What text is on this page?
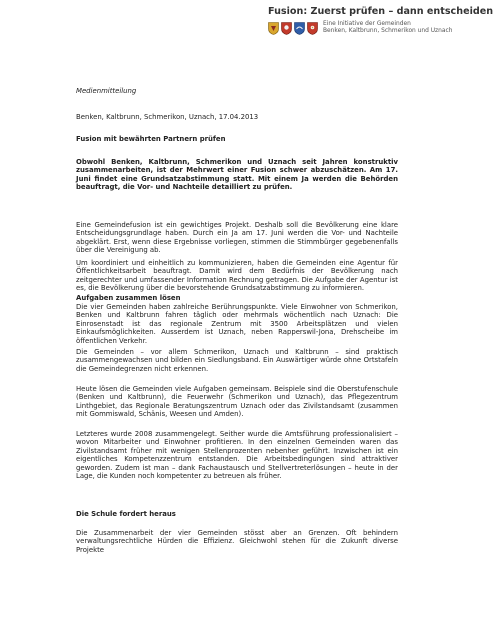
Fusion: Zuerst prüfen – dann entscheiden
Eine Initiative der Gemeinden
Benken, Kaltbrunn, Schmerikon und Uznach

Medienmitteilung

Benken, Kaltbrunn, Schmerikon, Uznach, 17.04.2013

Fusion mit bewährten Partnern prüfen

Obwohl Benken, Kaltbrunn, Schmerikon und Uznach seit Jahren konstruktiv zusammenarbeiten, ist der Mehrwert einer Fusion schwer abzuschätzen. Am 17. Juni findet eine Grundsatzabstimmung statt. Mit einem Ja werden die Behörden beauftragt, die Vor- und Nachteile detailliert zu prüfen.

Eine Gemeindefusion ist ein gewichtiges Projekt. Deshalb soll die Bevölkerung eine klare Entscheidungsgrundlage haben. Durch ein Ja am 17. Juni werden die Vor- und Nachteile abgeklärt. Erst, wenn diese Ergebnisse vorliegen, stimmen die Stimmbürger gegebenenfalls über die Vereinigung ab.

Um koordiniert und einheitlich zu kommunizieren, haben die Gemeinden eine Agentur für Öffentlichkeitsarbeit beauftragt. Damit wird dem Bedürfnis der Bevölkerung nach zeitgerechter und umfassender Information Rechnung getragen. Die Aufgabe der Agentur ist es, die Bevölkerung über die bevorstehende Grundsatzabstimmung zu informieren.

Aufgaben zusammen lösen

Die vier Gemeinden haben zahlreiche Berührungspunkte. Viele Einwohner von Schmerikon, Benken und Kaltbrunn fahren täglich oder mehrmals wöchentlich nach Uznach: Die Einrosenstadt ist das regionale Zentrum mit 3500 Arbeitsplätzen und vielen Einkaufsmöglichkeiten. Ausserdem ist Uznach, neben Rapperswil-Jona, Drehscheibe im öffentlichen Verkehr.

Die Gemeinden – vor allem Schmerikon, Uznach und Kaltbrunn – sind praktisch zusammengewachsen und bilden ein Siedlungsband. Ein Auswärtiger würde ohne Ortstafeln die Gemeindegrenzen nicht erkennen.

Heute lösen die Gemeinden viele Aufgaben gemeinsam. Beispiele sind die Oberstufenschule (Benken und Kaltbrunn), die Feuerwehr (Schmerikon und Uznach), das Pflegezentrum Linthgebiet, das Regionale Beratungszentrum Uznach oder das Zivilstandsamt (zusammen mit Gommiswald, Schänis, Weesen und Amden).

Letzteres wurde 2008 zusammengelegt. Seither wurde die Amtsführung professionalisiert – wovon Mitarbeiter und Einwohner profitieren. In den einzelnen Gemeinden waren das Zivilstandsamt früher mit wenigen Stellenprozenten nebenher geführt. Inzwischen ist ein eigentliches Kompetenzzentrum entstanden. Die Arbeitsbedingungen sind attraktiver geworden. Zudem ist man – dank Fachaustausch und Stellvertreterlösungen – heute in der Lage, die Kunden noch kompetenter zu betreuen als früher.

Die Schule fordert heraus

Die Zusammenarbeit der vier Gemeinden stösst aber an Grenzen. Oft behindern verwaltungsrechtliche Hürden die Effizienz. Gleichwohl stehen für die Zukunft diverse Projekte
